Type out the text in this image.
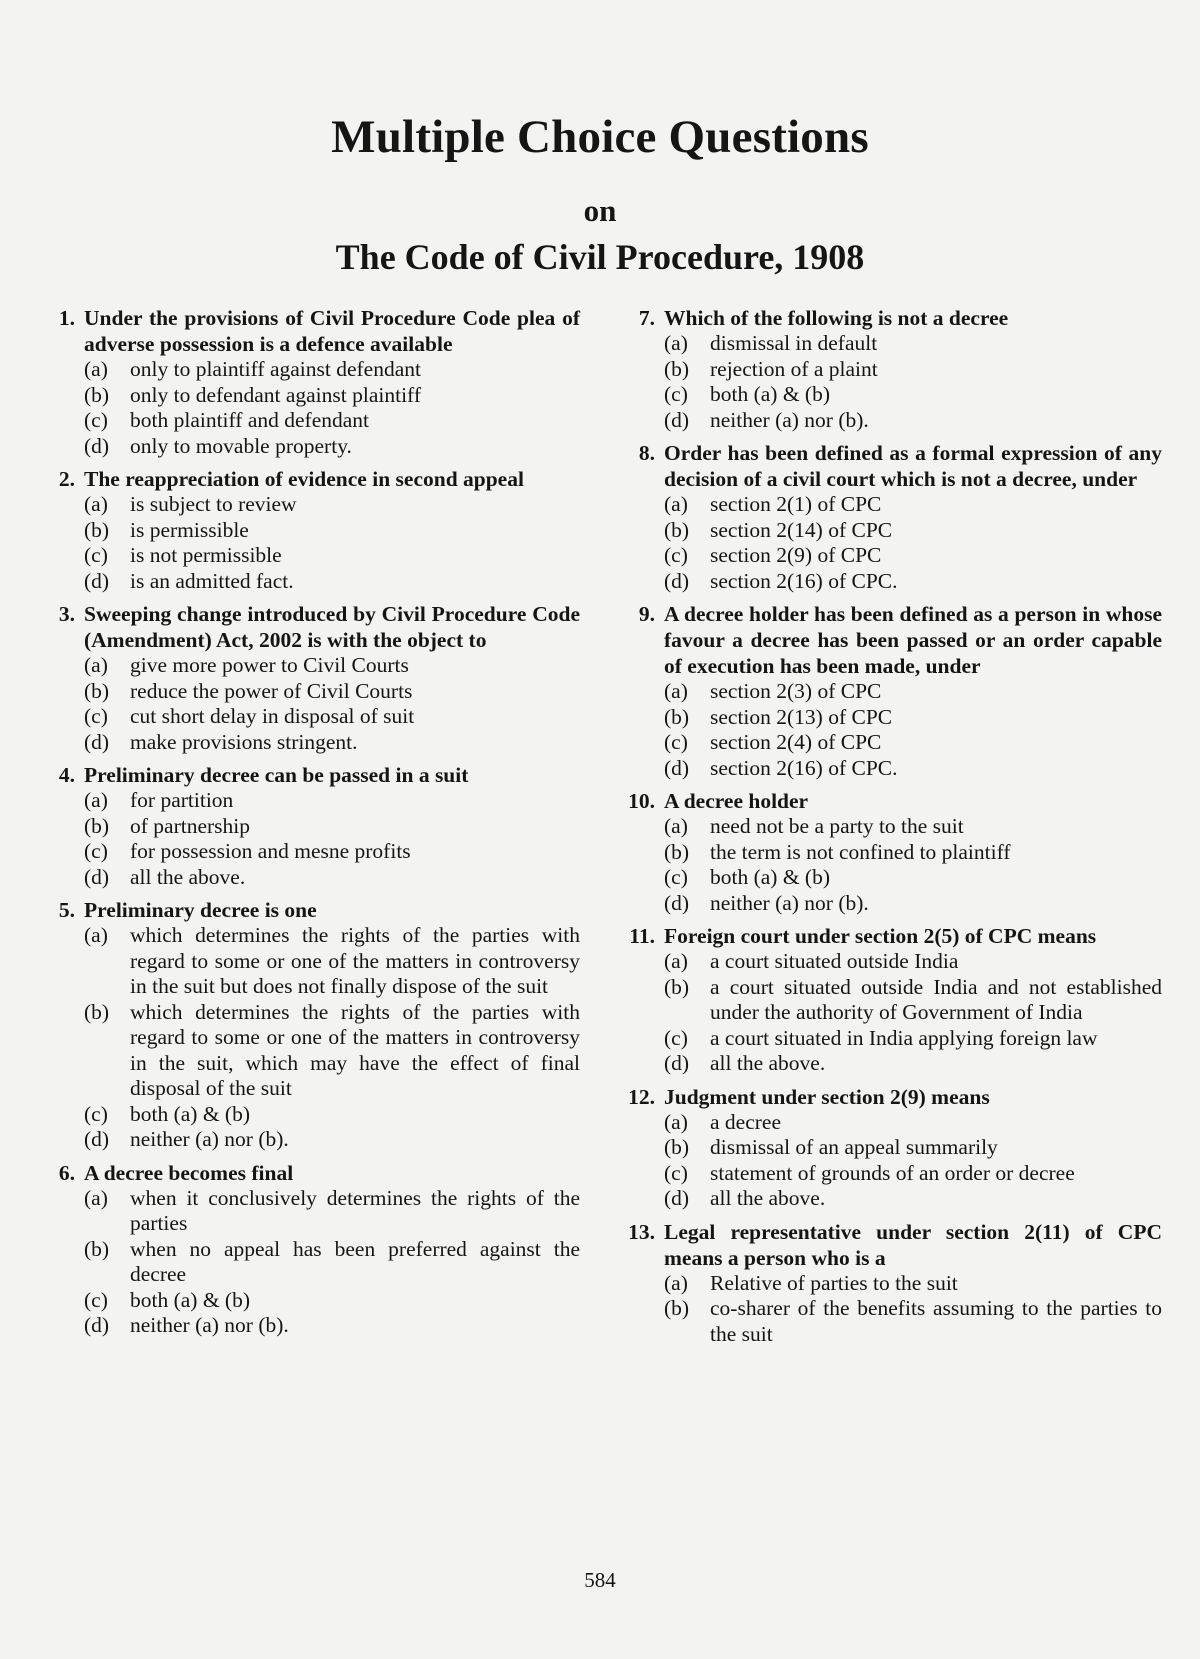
Multiple Choice Questions
on
The Code of Civil Procedure, 1908
1. Under the provisions of Civil Procedure Code plea of adverse possession is a defence available
(a)	only to plaintiff against defendant
(b) only to defendant against plaintiff
(c)	both plaintiff and defendant
(d) only to movable property.
2. The reappreciation of evidence in second appeal
(a)	is subject to review
(b) is permissible
(c)	is not permissible
(d) is an admitted fact.
3. Sweeping change introduced by Civil Procedure Code (Amendment) Act, 2002 is with the object to
(a)	give more power to Civil Courts
(b) reduce the power of Civil Courts
(c)	cut short delay in disposal of suit
(d) make provisions stringent.
4. Preliminary decree can be passed in a suit
(a)	for partition
(b) of partnership
(c)	for possession and mesne profits
(d) all the above.
5. Preliminary decree is one
(a)	which determines the rights of the parties with regard to some or one of the matters in controversy in the suit but does not finally dispose of the suit
(b) which determines the rights of the parties with regard to some or one of the matters in controversy in the suit, which may have the effect of final disposal of the suit
(c)	both (a) & (b)
(d) neither (a) nor (b).
6. A decree becomes final
(a)	when it conclusively determines the rights of the parties
(b) when no appeal has been preferred against the decree
(c)	both (a) & (b)
(d) neither (a) nor (b).
7. Which of the following is not a decree
(a)	dismissal in default
(b) rejection of a plaint
(c)	both (a) & (b)
(d) neither (a) nor (b).
8. Order has been defined as a formal expression of any decision of a civil court which is not a decree, under
(a)	section 2(1) of CPC
(b) section 2(14) of CPC
(c)	section 2(9) of CPC
(d) section 2(16) of CPC.
9. A decree holder has been defined as a person in whose favour a decree has been passed or an order capable of execution has been made, under
(a)	section 2(3) of CPC
(b) section 2(13) of CPC
(c)	section 2(4) of CPC
(d) section 2(16) of CPC.
10. A decree holder
(a)	need not be a party to the suit
(b) the term is not confined to plaintiff
(c)	both (a) & (b)
(d) neither (a) nor (b).
11. Foreign court under section 2(5) of CPC means
(a)	a court situated outside India
(b) a court situated outside India and not established under the authority of Government of India
(c)	a court situated in India applying foreign law
(d) all the above.
12. Judgment under section 2(9) means
(a)	a decree
(b) dismissal of an appeal summarily
(c)	statement of grounds of an order or decree
(d) all the above.
13. Legal representative under section 2(11) of CPC means a person who is a
(a)	Relative of parties to the suit
(b) co-sharer of the benefits assuming to the parties to the suit
584
